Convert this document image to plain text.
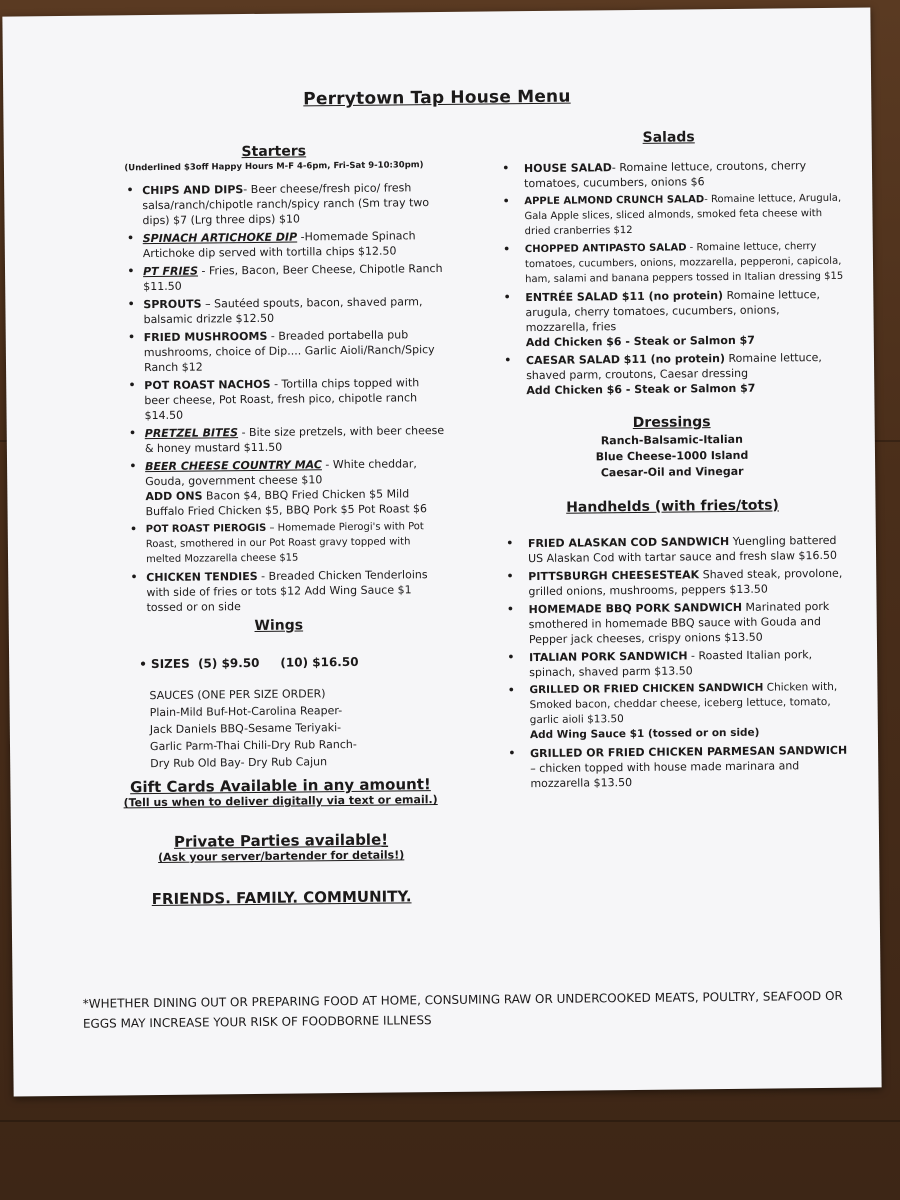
Perrytown Tap House Menu
Starters
(Underlined $3off Happy Hours M-F 4-6pm, Fri-Sat 9-10:30pm)
• CHIPS AND DIPS- Beer cheese/fresh pico/ fresh salsa/ranch/chipotle ranch/spicy ranch (Sm tray two dips) $7 (Lrg three dips) $10
• SPINACH ARTICHOKE DIP -Homemade Spinach Artichoke dip served with tortilla chips $12.50
• PT FRIES - Fries, Bacon, Beer Cheese, Chipotle Ranch $11.50
• SPROUTS – Sautéed spouts, bacon, shaved parm, balsamic drizzle $12.50
• FRIED MUSHROOMS - Breaded portabella pub mushrooms, choice of Dip.... Garlic Aioli/Ranch/Spicy Ranch $12
• POT ROAST NACHOS - Tortilla chips topped with beer cheese, Pot Roast, fresh pico, chipotle ranch $14.50
• PRETZEL BITES - Bite size pretzels, with beer cheese & honey mustard $11.50
• BEER CHEESE COUNTRY MAC - White cheddar, Gouda, government cheese $10
ADD ONS Bacon $4, BBQ Fried Chicken $5 Mild Buffalo Fried Chicken $5, BBQ Pork $5 Pot Roast $6
• POT ROAST PIEROGIS – Homemade Pierogi's with Pot Roast, smothered in our Pot Roast gravy topped with melted Mozzarella cheese $15
• CHICKEN TENDIES - Breaded Chicken Tenderloins with side of fries or tots $12 Add Wing Sauce $1 tossed or on side
Wings
• SIZES (5) $9.50     (10) $16.50
SAUCES (ONE PER SIZE ORDER)
Plain-Mild Buf-Hot-Carolina Reaper-
Jack Daniels BBQ-Sesame Teriyaki-
Garlic Parm-Thai Chili-Dry Rub Ranch-
Dry Rub Old Bay- Dry Rub Cajun
Gift Cards Available in any amount!
(Tell us when to deliver digitally via text or email.)
Private Parties available!
(Ask your server/bartender for details!)
FRIENDS. FAMILY. COMMUNITY.
Salads
• HOUSE SALAD- Romaine lettuce, croutons, cherry tomatoes, cucumbers, onions $6
• APPLE ALMOND CRUNCH SALAD- Romaine lettuce, Arugula, Gala Apple slices, sliced almonds, smoked feta cheese with dried cranberries $12
• CHOPPED ANTIPASTO SALAD - Romaine lettuce, cherry tomatoes, cucumbers, onions, mozzarella, pepperoni, capicola, ham, salami and banana peppers tossed in Italian dressing $15
• ENTRÉE SALAD $11 (no protein) Romaine lettuce, arugula, cherry tomatoes, cucumbers, onions, mozzarella, fries
Add Chicken $6 - Steak or Salmon $7
• CAESAR SALAD $11 (no protein) Romaine lettuce, shaved parm, croutons, Caesar dressing
Add Chicken $6 - Steak or Salmon $7
Dressings
Ranch-Balsamic-Italian
Blue Cheese-1000 Island
Caesar-Oil and Vinegar
Handhelds (with fries/tots)
• FRIED ALASKAN COD SANDWICH Yuengling battered US Alaskan Cod with tartar sauce and fresh slaw $16.50
• PITTSBURGH CHEESESTEAK Shaved steak, provolone, grilled onions, mushrooms, peppers $13.50
• HOMEMADE BBQ PORK SANDWICH Marinated pork smothered in homemade BBQ sauce with Gouda and Pepper jack cheeses, crispy onions $13.50
• ITALIAN PORK SANDWICH - Roasted Italian pork, spinach, shaved parm $13.50
• GRILLED OR FRIED CHICKEN SANDWICH Chicken with, Smoked bacon, cheddar cheese, iceberg lettuce, tomato, garlic aioli $13.50
Add Wing Sauce $1 (tossed or on side)
• GRILLED OR FRIED CHICKEN PARMESAN SANDWICH – chicken topped with house made marinara and mozzarella $13.50
*WHETHER DINING OUT OR PREPARING FOOD AT HOME, CONSUMING RAW OR UNDERCOOKED MEATS, POULTRY, SEAFOOD OR EGGS MAY INCREASE YOUR RISK OF FOODBORNE ILLNESS
